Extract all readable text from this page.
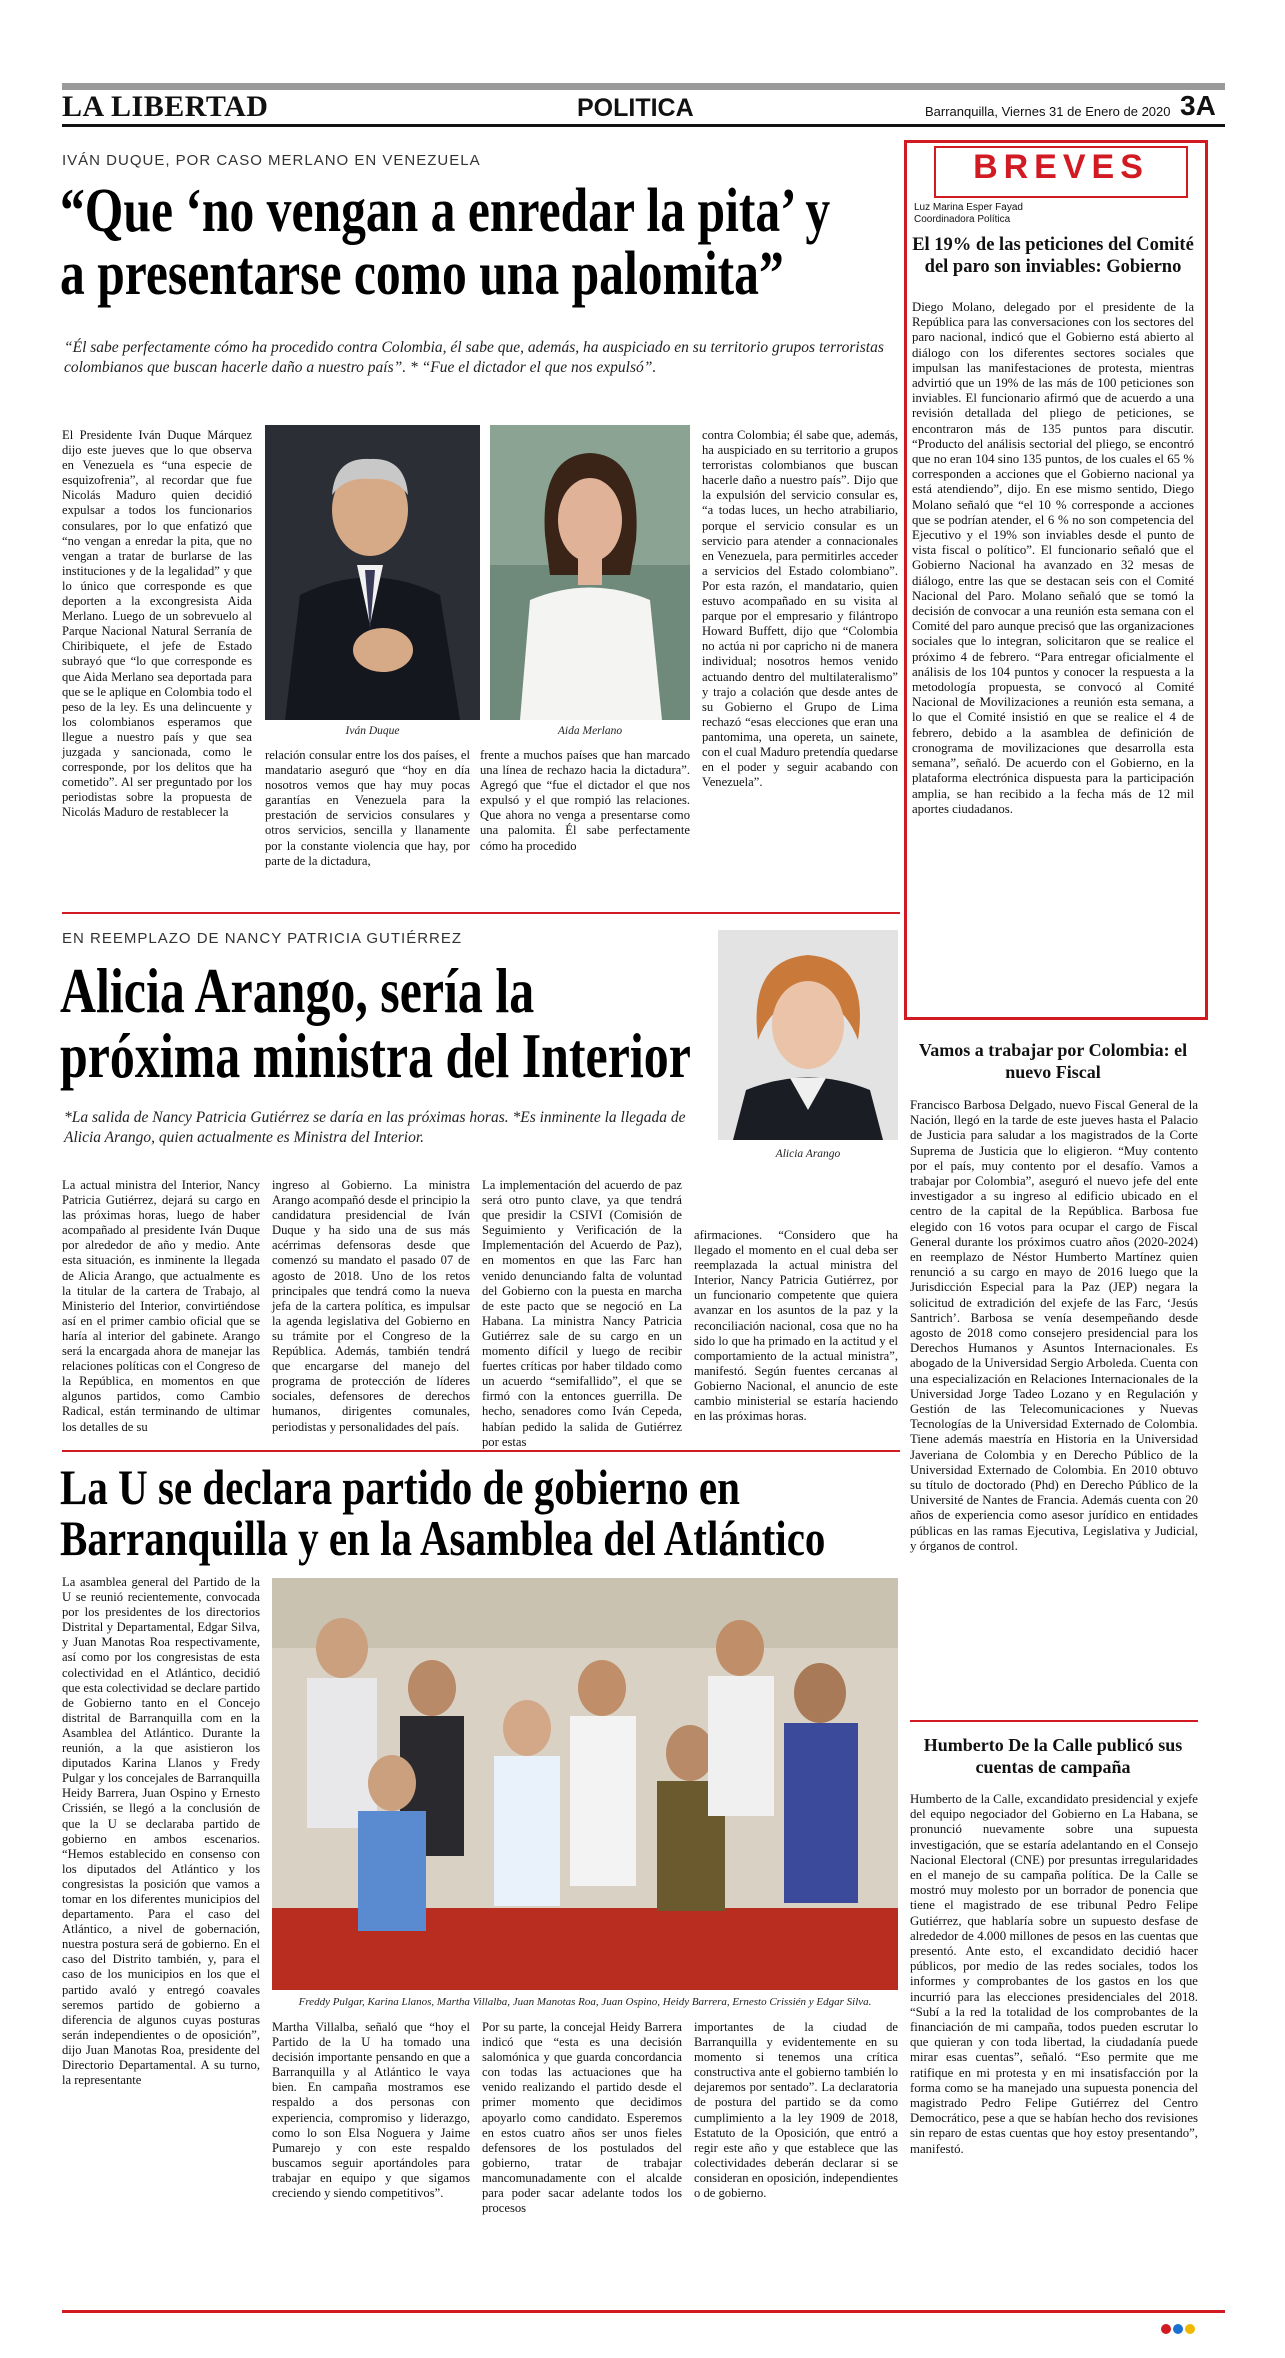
LA LIBERTAD	POLITICA	Barranquilla, Viernes 31 de Enero de 2020 3A
IVÁN DUQUE, POR CASO MERLANO EN VENEZUELA
“Que ‘no vengan a enredar la pita’ y
a presentarse como una palomita”
“Él sabe perfectamente cómo ha procedido contra Colombia, él sabe que, además, ha auspiciado en su territorio grupos terroristas colombianos que buscan hacerle daño a nuestro país”. * “Fue el dictador el que nos expulsó”.

El Presidente Iván Duque Márquez dijo este jueves que lo que observa en Venezuela es “una especie de esquizofrenia”, al recordar que fue Nicolás Maduro quien decidió expulsar a todos los funcionarios consulares, por lo que enfatizó que “no vengan a enredar la pita, que no vengan a tratar de burlarse de las instituciones y de la legalidad” y que lo único que corresponde es que deporten a la excongresista Aida Merlano. Luego de un sobrevuelo al Parque Nacional Natural Serranía de Chiribiquete, el jefe de Estado subrayó que “lo que corresponde es que Aida Merlano sea deportada para que se le aplique en Colombia todo el peso de la ley. Es una delincuente y los colombianos esperamos que llegue a nuestro país y que sea juzgada y sancionada, como le corresponde, por los delitos que ha cometido”. Al ser preguntado por los periodistas sobre la propuesta de Nicolás Maduro de restablecer la

Iván Duque	Aida Merlano

relación consular entre los dos países, el mandatario aseguró que “hoy en día nosotros vemos que hay muy pocas garantías en Venezuela para la prestación de servicios consulares y otros servicios, sencilla y llanamente por la constante violencia que hay, por parte de la dictadura,

frente a muchos países que han marcado una línea de rechazo hacia la dictadura”. Agregó que “fue el dictador el que nos expulsó y el que rompió las relaciones. Que ahora no venga a presentarse como una palomita. Él sabe perfectamente cómo ha procedido

contra Colombia; él sabe que, además, ha auspiciado en su territorio a grupos terroristas colombianos que buscan hacerle daño a nuestro país”. Dijo que la expulsión del servicio consular es, “a todas luces, un hecho atrabiliario, porque el servicio consular es un servicio para atender a connacionales en Venezuela, para permitirles acceder a servicios del Estado colombiano”. Por esta razón, el mandatario, quien estuvo acompañado en su visita al parque por el empresario y filántropo Howard Buffett, dijo que “Colombia no actúa ni por capricho ni de manera individual; nosotros hemos venido actuando dentro del multilateralismo” y trajo a colación que desde antes de su Gobierno el Grupo de Lima rechazó “esas elecciones que eran una pantomima, una opereta, un sainete, con el cual Maduro pretendía quedarse en el poder y seguir acabando con Venezuela”.

EN REEMPLAZO DE NANCY PATRICIA GUTIÉRREZ
Alicia Arango, sería la
próxima ministra del Interior
*La salida de Nancy Patricia Gutiérrez se daría en las próximas horas. *Es inminente la llegada de Alicia Arango, quien actualmente es Ministra del Interior.
Alicia Arango

La actual ministra del Interior, Nancy Patricia Gutiérrez, dejará su cargo en las próximas horas, luego de haber acompañado al presidente Iván Duque por alrededor de año y medio. Ante esta situación, es inminente la llegada de Alicia Arango, que actualmente es la titular de la cartera de Trabajo, al Ministerio del Interior, convirtiéndose así en el primer cambio oficial que se haría al interior del gabinete. Arango será la encargada ahora de manejar las relaciones políticas con el Congreso de la República, en momentos en que algunos partidos, como Cambio Radical, están terminando de ultimar los detalles de su

ingreso al Gobierno. La ministra Arango acompañó desde el principio la candidatura presidencial de Iván Duque y ha sido una de sus más acérrimas defensoras desde que comenzó su mandato el pasado 07 de agosto de 2018. Uno de los retos principales que tendrá como la nueva jefa de la cartera política, es impulsar la agenda legislativa del Gobierno en su trámite por el Congreso de la República. Además, también tendrá que encargarse del manejo del programa de protección de líderes sociales, defensores de derechos humanos, dirigentes comunales, periodistas y personalidades del país.

La implementación del acuerdo de paz será otro punto clave, ya que tendrá que presidir la CSIVI (Comisión de Seguimiento y Verificación de la Implementación del Acuerdo de Paz), en momentos en que las Farc han venido denunciando falta de voluntad del Gobierno con la puesta en marcha de este pacto que se negoció en La Habana. La ministra Nancy Patricia Gutiérrez sale de su cargo en un momento difícil y luego de recibir fuertes críticas por haber tildado como un acuerdo “semifallido”, el que se firmó con la entonces guerrilla. De hecho, senadores como Iván Cepeda, habían pedido la salida de Gutiérrez por estas

afirmaciones. “Considero que ha llegado el momento en el cual deba ser reemplazada la actual ministra del Interior, Nancy Patricia Gutiérrez, por un funcionario competente que quiera avanzar en los asuntos de la paz y la reconciliación nacional, cosa que no ha sido lo que ha primado en la actitud y el comportamiento de la actual ministra”, manifestó. Según fuentes cercanas al Gobierno Nacional, el anuncio de este cambio ministerial se estaría haciendo en las próximas horas.

La U se declara partido de gobierno en
Barranquilla y en la Asamblea del Atlántico

La asamblea general del Partido de la U se reunió recientemente, convocada por los presidentes de los directorios Distrital y Departamental, Edgar Silva, y Juan Manotas Roa respectivamente, así como por los congresistas de esta colectividad en el Atlántico, decidió que esta colectividad se declare partido de Gobierno tanto en el Concejo distrital de Barranquilla com en la Asamblea del Atlántico. Durante la reunión, a la que asistieron los diputados Karina Llanos y Fredy Pulgar y los concejales de Barranquilla Heidy Barrera, Juan Ospino y Ernesto Crissién, se llegó a la conclusión de que la U se declaraba partido de gobierno en ambos escenarios. “Hemos establecido en consenso con los diputados del Atlántico y los congresistas la posición que vamos a tomar en los diferentes municipios del departamento. Para el caso del Atlántico, a nivel de gobernación, nuestra postura será de gobierno. En el caso del Distrito también, y, para el caso de los municipios en los que el partido avaló y entregó coavales seremos partido de gobierno a diferencia de algunos cuyas posturas serán independientes o de oposición”, dijo Juan Manotas Roa, presidente del Directorio Departamental. A su turno, la representante

Freddy Pulgar, Karina Llanos, Martha Villalba, Juan Manotas Roa, Juan Ospino, Heidy Barrera, Ernesto Crissién y Edgar Silva.

Martha Villalba, señaló que “hoy el Partido de la U ha tomado una decisión importante pensando en que a Barranquilla y al Atlántico le vaya bien. En campaña mostramos ese respaldo a dos personas con experiencia, compromiso y liderazgo, como lo son Elsa Noguera y Jaime Pumarejo y con este respaldo buscamos seguir aportándoles para trabajar en equipo y que sigamos creciendo y siendo competitivos”.

Por su parte, la concejal Heidy Barrera indicó que “esta es una decisión salomónica y que guarda concordancia con todas las actuaciones que ha venido realizando el partido desde el primer momento que decidimos apoyarlo como candidato. Esperemos en estos cuatro años ser unos fieles defensores de los postulados del gobierno, tratar de trabajar mancomunadamente con el alcalde para poder sacar adelante todos los procesos

importantes de la ciudad de Barranquilla y evidentemente en su momento si tenemos una crítica constructiva ante el gobierno también lo dejaremos por sentado”. La declaratoria de postura del partido se da como cumplimiento a la ley 1909 de 2018, Estatuto de la Oposición, que entró a regir este año y que establece que las colectividades deberán declarar si se consideran en oposición, independientes o de gobierno.

BREVES
Luz Marina Esper Fayad
Coordinadora Política
El 19% de las peticiones del Comité del paro son inviables: Gobierno

Diego Molano, delegado por el presidente de la República para las conversaciones con los sectores del paro nacional, indicó que el Gobierno está abierto al diálogo con los diferentes sectores sociales que impulsan las manifestaciones de protesta, mientras advirtió que un 19% de las más de 100 peticiones son inviables. El funcionario afirmó que de acuerdo a una revisión detallada del pliego de peticiones, se encontraron más de 135 puntos para discutir. “Producto del análisis sectorial del pliego, se encontró que no eran 104 sino 135 puntos, de los cuales el 65 % corresponden a acciones que el Gobierno nacional ya está atendiendo”, dijo. En ese mismo sentido, Diego Molano señaló que “el 10 % corresponde a acciones que se podrían atender, el 6 % no son competencia del Ejecutivo y el 19% son inviables desde el punto de vista fiscal o político”. El funcionario señaló que el Gobierno Nacional ha avanzado en 32 mesas de diálogo, entre las que se destacan seis con el Comité Nacional del Paro. Molano señaló que se tomó la decisión de convocar a una reunión esta semana con el Comité del paro aunque precisó que las organizaciones sociales que lo integran, solicitaron que se realice el próximo 4 de febrero. “Para entregar oficialmente el análisis de los 104 puntos y conocer la respuesta a la metodología propuesta, se convocó al Comité Nacional de Movilizaciones a reunión esta semana, a lo que el Comité insistió en que se realice el 4 de febrero, debido a la asamblea de definición de cronograma de movilizaciones que desarrolla esta semana”, señaló. De acuerdo con el Gobierno, en la plataforma electrónica dispuesta para la participación amplia, se han recibido a la fecha más de 12 mil aportes ciudadanos.

Vamos a trabajar por Colombia: el nuevo Fiscal

Francisco Barbosa Delgado, nuevo Fiscal General de la Nación, llegó en la tarde de este jueves hasta el Palacio de Justicia para saludar a los magistrados de la Corte Suprema de Justicia que lo eligieron. “Muy contento por el país, muy contento por el desafío. Vamos a trabajar por Colombia”, aseguró el nuevo jefe del ente investigador a su ingreso al edificio ubicado en el centro de la capital de la República. Barbosa fue elegido con 16 votos para ocupar el cargo de Fiscal General durante los próximos cuatro años (2020-2024) en reemplazo de Néstor Humberto Martínez quien renunció a su cargo en mayo de 2016 luego que la Jurisdicción Especial para la Paz (JEP) negara la solicitud de extradición del exjefe de las Farc, ‘Jesús Santrich’. Barbosa se venía desempeñando desde agosto de 2018 como consejero presidencial para los Derechos Humanos y Asuntos Internacionales. Es abogado de la Universidad Sergio Arboleda. Cuenta con una especialización en Relaciones Internacionales de la Universidad Jorge Tadeo Lozano y en Regulación y Gestión de las Telecomunicaciones y Nuevas Tecnologías de la Universidad Externado de Colombia. Tiene además maestría en Historia en la Universidad Javeriana de Colombia y en Derecho Público de la Universidad Externado de Colombia. En 2010 obtuvo su título de doctorado (Phd) en Derecho Público de la Université de Nantes de Francia. Además cuenta con 20 años de experiencia como asesor jurídico en entidades públicas en las ramas Ejecutiva, Legislativa y Judicial, y órganos de control.

Humberto De la Calle publicó sus cuentas de campaña

Humberto de la Calle, excandidato presidencial y exjefe del equipo negociador del Gobierno en La Habana, se pronunció nuevamente sobre una supuesta investigación, que se estaría adelantando en el Consejo Nacional Electoral (CNE) por presuntas irregularidades en el manejo de su campaña política. De la Calle se mostró muy molesto por un borrador de ponencia que tiene el magistrado de ese tribunal Pedro Felipe Gutiérrez, que hablaría sobre un supuesto desfase de alrededor de 4.000 millones de pesos en las cuentas que presentó. Ante esto, el excandidato decidió hacer públicos, por medio de las redes sociales, todos los informes y comprobantes de los gastos en los que incurrió para las elecciones presidenciales del 2018. “Subí a la red la totalidad de los comprobantes de la financiación de mi campaña, todos pueden escrutar lo que quieran y con toda libertad, la ciudadanía puede mirar esas cuentas”, señaló. “Eso permite que me ratifique en mi protesta y en mi insatisfacción por la forma como se ha manejado una supuesta ponencia del magistrado Pedro Felipe Gutiérrez del Centro Democrático, pese a que se habían hecho dos revisiones sin reparo de estas cuentas que hoy estoy presentando”, manifestó.
